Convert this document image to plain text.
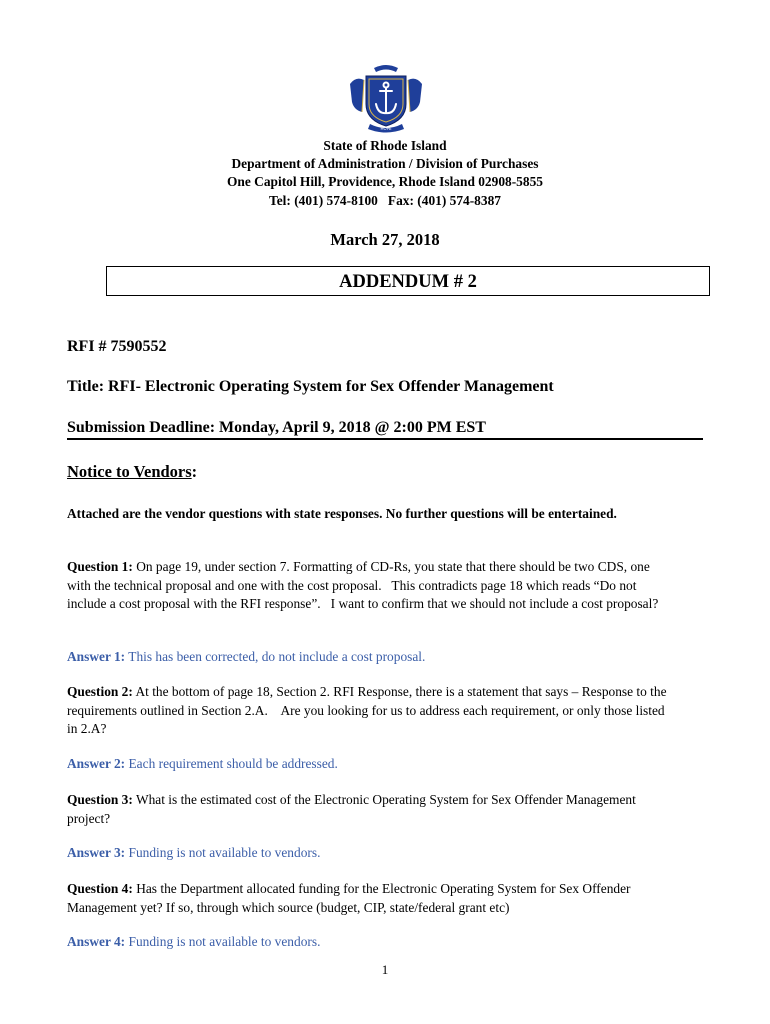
HOPE
State of Rhode Island
Department of Administration / Division of Purchases
One Capitol Hill, Providence, Rhode Island 02908-5855
Tel: (401) 574-8100   Fax: (401) 574-8387
March 27, 2018
ADDENDUM # 2
RFI # 7590552
Title: RFI- Electronic Operating System for Sex Offender Management
Submission Deadline: Monday, April 9, 2018 @ 2:00 PM EST
Notice to Vendors:
Attached are the vendor questions with state responses. No further questions will be entertained.
Question 1: On page 19, under section 7. Formatting of CD-Rs, you state that there should be two CDS, one with the technical proposal and one with the cost proposal.   This contradicts page 18 which reads “Do not include a cost proposal with the RFI response”.   I want to confirm that we should not include a cost proposal?
Answer 1: This has been corrected, do not include a cost proposal.
Question 2: At the bottom of page 18, Section 2. RFI Response, there is a statement that says – Response to the requirements outlined in Section 2.A.    Are you looking for us to address each requirement, or only those listed in 2.A?
Answer 2: Each requirement should be addressed.
Question 3: What is the estimated cost of the Electronic Operating System for Sex Offender Management project?
Answer 3: Funding is not available to vendors.
Question 4: Has the Department allocated funding for the Electronic Operating System for Sex Offender Management yet? If so, through which source (budget, CIP, state/federal grant etc)
Answer 4: Funding is not available to vendors.
1
